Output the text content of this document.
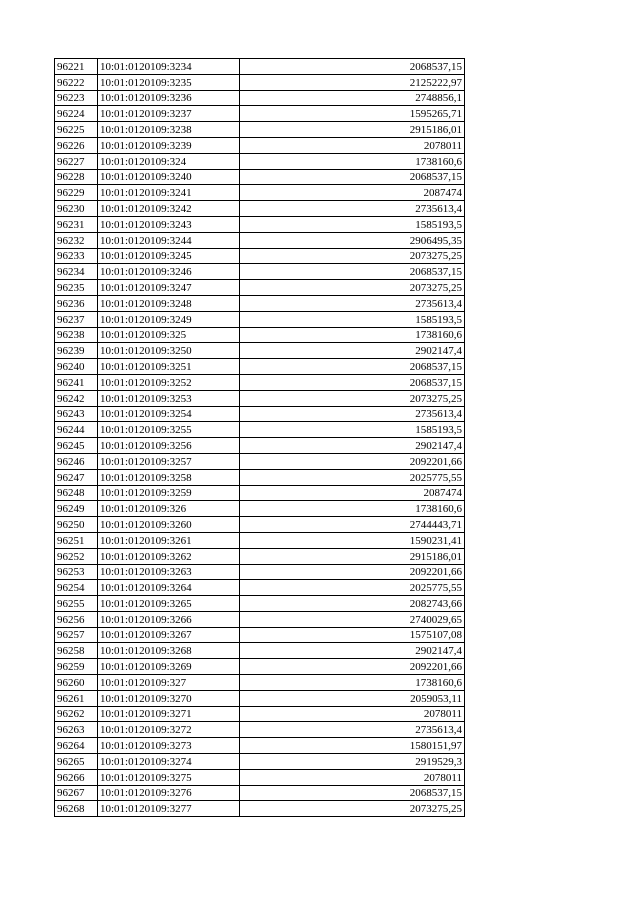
96221	10:01:0120109:3234	2068537,15
96222	10:01:0120109:3235	2125222,97
96223	10:01:0120109:3236	2748856,1
96224	10:01:0120109:3237	1595265,71
96225	10:01:0120109:3238	2915186,01
96226	10:01:0120109:3239	2078011
96227	10:01:0120109:324	1738160,6
96228	10:01:0120109:3240	2068537,15
96229	10:01:0120109:3241	2087474
96230	10:01:0120109:3242	2735613,4
96231	10:01:0120109:3243	1585193,5
96232	10:01:0120109:3244	2906495,35
96233	10:01:0120109:3245	2073275,25
96234	10:01:0120109:3246	2068537,15
96235	10:01:0120109:3247	2073275,25
96236	10:01:0120109:3248	2735613,4
96237	10:01:0120109:3249	1585193,5
96238	10:01:0120109:325	1738160,6
96239	10:01:0120109:3250	2902147,4
96240	10:01:0120109:3251	2068537,15
96241	10:01:0120109:3252	2068537,15
96242	10:01:0120109:3253	2073275,25
96243	10:01:0120109:3254	2735613,4
96244	10:01:0120109:3255	1585193,5
96245	10:01:0120109:3256	2902147,4
96246	10:01:0120109:3257	2092201,66
96247	10:01:0120109:3258	2025775,55
96248	10:01:0120109:3259	2087474
96249	10:01:0120109:326	1738160,6
96250	10:01:0120109:3260	2744443,71
96251	10:01:0120109:3261	1590231,41
96252	10:01:0120109:3262	2915186,01
96253	10:01:0120109:3263	2092201,66
96254	10:01:0120109:3264	2025775,55
96255	10:01:0120109:3265	2082743,66
96256	10:01:0120109:3266	2740029,65
96257	10:01:0120109:3267	1575107,08
96258	10:01:0120109:3268	2902147,4
96259	10:01:0120109:3269	2092201,66
96260	10:01:0120109:327	1738160,6
96261	10:01:0120109:3270	2059053,11
96262	10:01:0120109:3271	2078011
96263	10:01:0120109:3272	2735613,4
96264	10:01:0120109:3273	1580151,97
96265	10:01:0120109:3274	2919529,3
96266	10:01:0120109:3275	2078011
96267	10:01:0120109:3276	2068537,15
96268	10:01:0120109:3277	2073275,25
